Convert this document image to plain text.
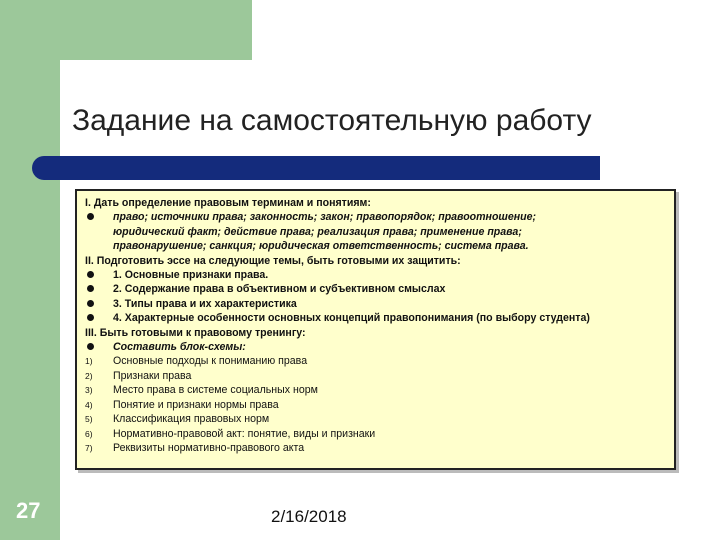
Задание на самостоятельную работу
I. Дать определение правовым терминам и понятиям:
право; источники права; законность; закон; правопорядок; правоотношение;
юридический факт; действие права; реализация права; применение права;
правонарушение; санкция; юридическая ответственность; система права.
II. Подготовить эссе на следующие темы, быть готовыми их защитить:
1. Основные признаки права.
2. Содержание права в объективном и субъективном смыслах
3. Типы права и их характеристика
4. Характерные особенности основных концепций правопонимания (по выбору студента)
III. Быть готовыми к правовому тренингу:
Составить блок-схемы:
1)	Основные подходы к пониманию права
2)	Признаки права
3)	Место права в системе социальных норм
4)	Понятие и признаки нормы права
5)	Классификация правовых норм
6)	Нормативно-правовой акт: понятие, виды и признаки
7)	Реквизиты нормативно-правового акта
27	2/16/2018
